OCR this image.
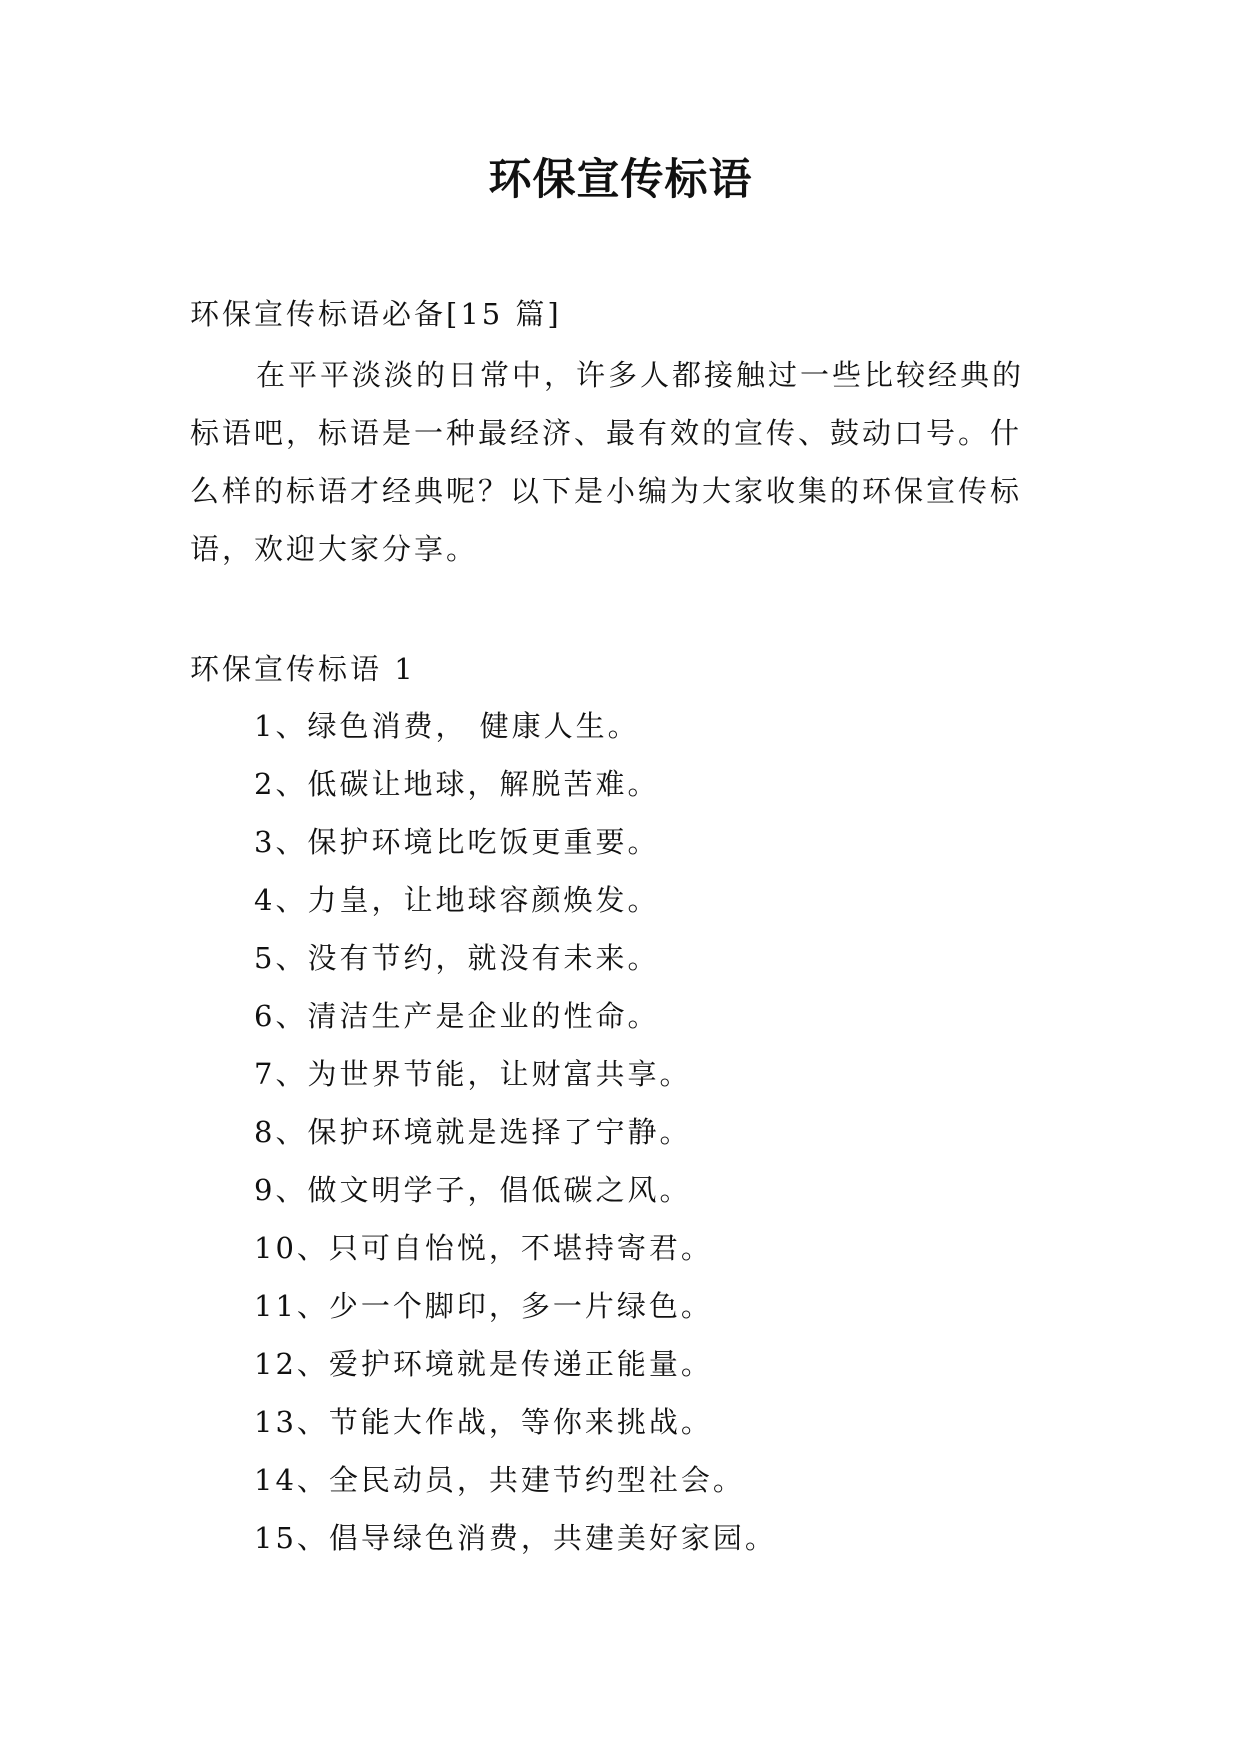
环保宣传标语

环保宣传标语必备[15 篇]

在平平淡淡的日常中，许多人都接触过一些比较经典的标语吧，标语是一种最经济、最有效的宣传、鼓动口号。什么样的标语才经典呢？以下是小编为大家收集的环保宣传标语，欢迎大家分享。

环保宣传标语 1

1、绿色消费， 健康人生。
2、低碳让地球，解脱苦难。
3、保护环境比吃饭更重要。
4、力皇，让地球容颜焕发。
5、没有节约，就没有未来。
6、清洁生产是企业的性命。
7、为世界节能，让财富共享。
8、保护环境就是选择了宁静。
9、做文明学子，倡低碳之风。
10、只可自怡悦，不堪持寄君。
11、少一个脚印，多一片绿色。
12、爱护环境就是传递正能量。
13、节能大作战，等你来挑战。
14、全民动员，共建节约型社会。
15、倡导绿色消费，共建美好家园。
